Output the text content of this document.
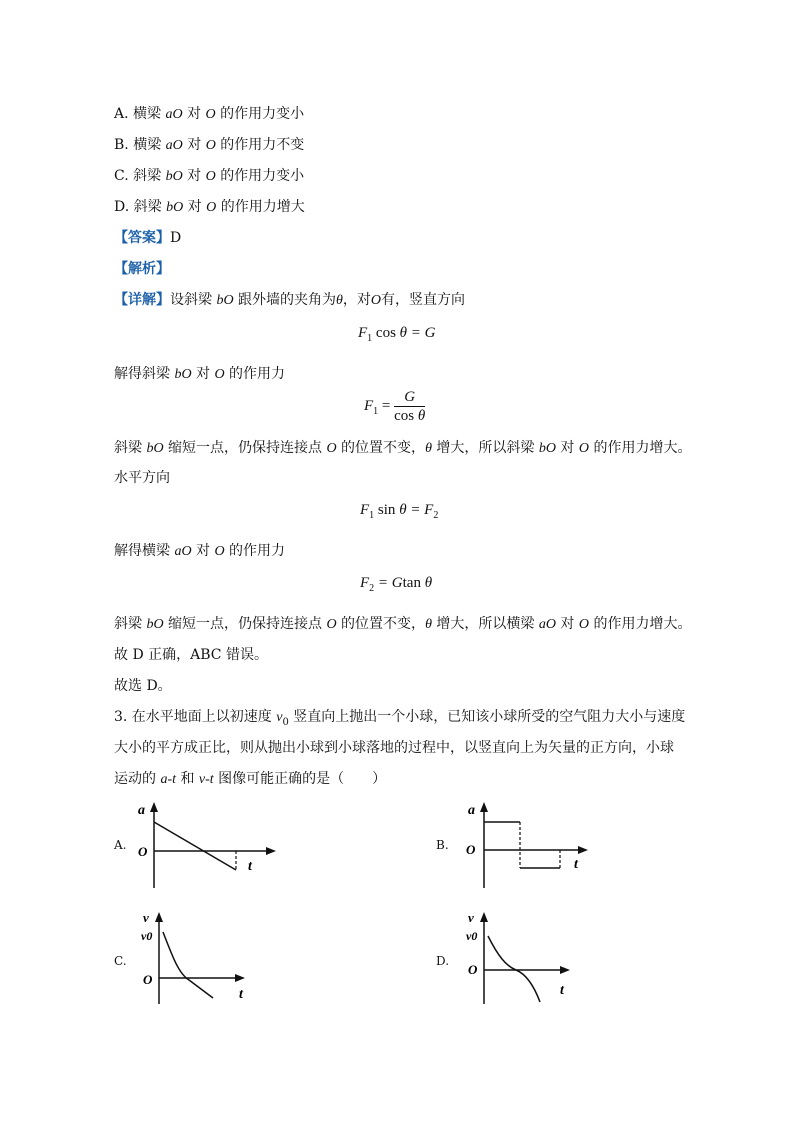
A. 横梁 aO 对 O 的作用力变小
B. 横梁 aO 对 O 的作用力不变
C. 斜梁 bO 对 O 的作用力变小
D. 斜梁 bO 对 O 的作用力增大
【答案】D
【解析】
【详解】设斜梁 bO 跟外墙的夹角为θ，对O有，竖直方向
$F_1$ cos θ = G
解得斜梁 bO 对 O 的作用力
$F_1 = \frac{G}{\text{cos θ}}$
斜梁 bO 缩短一点，仍保持连接点 O 的位置不变，θ 增大，所以斜梁 bO 对 O 的作用力增大。
水平方向
$F_1$ $\sin \theta = F_2$
解得横梁 aO 对 O 的作用力
$F_2 = Gtan$ θ
斜梁 bO 缩短一点，仍保持连接点 O 的位置不变，θ 增大，所以横梁 aO 对 O 的作用力增大。
故 D 正确，ABC 错误。
故选 D。
3. 在水平地面上以初速度 $v_0$ 竖直向上抛出一个小球，已知该小球所受的空气阻力大小与速度
大小的平方成正比，则从抛出小球到小球落地的过程中，以竖直向上为矢量的正方向，小球
运动的 a-t 和 v-t 图像可能正确的是（　　）
A.
a
O
t
B.
a
O
t
C.
v
v0
O
t
D.
v
v0
O
t
